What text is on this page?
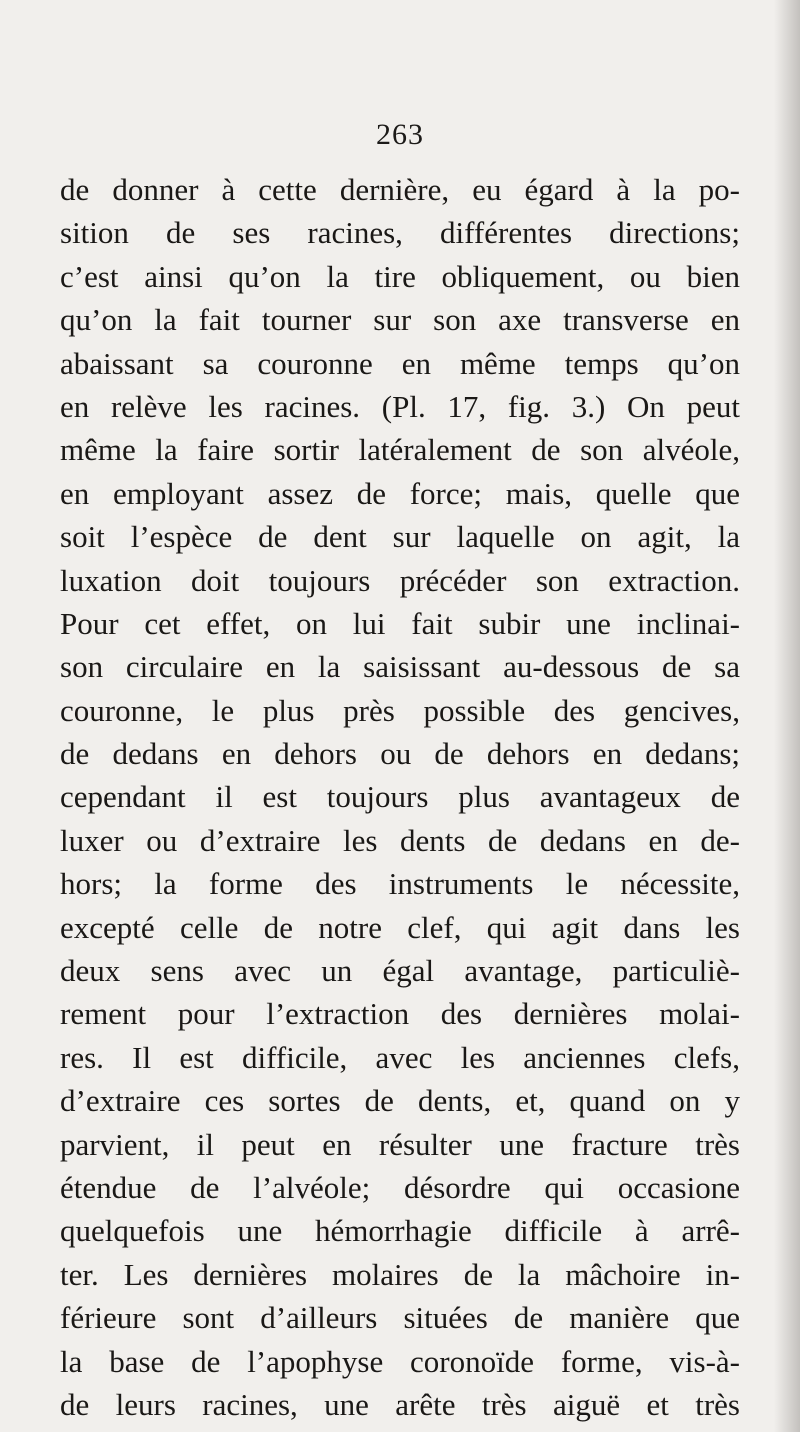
263
de donner à cette dernière, eu égard à la po-
sition de ses racines, différentes directions;
c’est ainsi qu’on la tire obliquement, ou bien
qu’on la fait tourner sur son axe transverse en
abaissant sa couronne en même temps qu’on
en relève les racines. (Pl. 17, fig. 3.) On peut
même la faire sortir latéralement de son alvéole,
en employant assez de force; mais, quelle que
soit l’espèce de dent sur laquelle on agit, la
luxation doit toujours précéder son extraction.
Pour cet effet, on lui fait subir une inclinai-
son circulaire en la saisissant au-dessous de sa
couronne, le plus près possible des gencives,
de dedans en dehors ou de dehors en dedans;
cependant il est toujours plus avantageux de
luxer ou d’extraire les dents de dedans en de-
hors; la forme des instruments le nécessite,
excepté celle de notre clef, qui agit dans les
deux sens avec un égal avantage, particuliè-
rement pour l’extraction des dernières molai-
res. Il est difficile, avec les anciennes clefs,
d’extraire ces sortes de dents, et, quand on y
parvient, il peut en résulter une fracture très
étendue de l’alvéole; désordre qui occasione
quelquefois une hémorrhagie difficile à arrê-
ter. Les dernières molaires de la mâchoire in-
férieure sont d’ailleurs situées de manière que
la base de l’apophyse coronoïde forme, vis-à-
de leurs racines, une arête très aiguë et très
